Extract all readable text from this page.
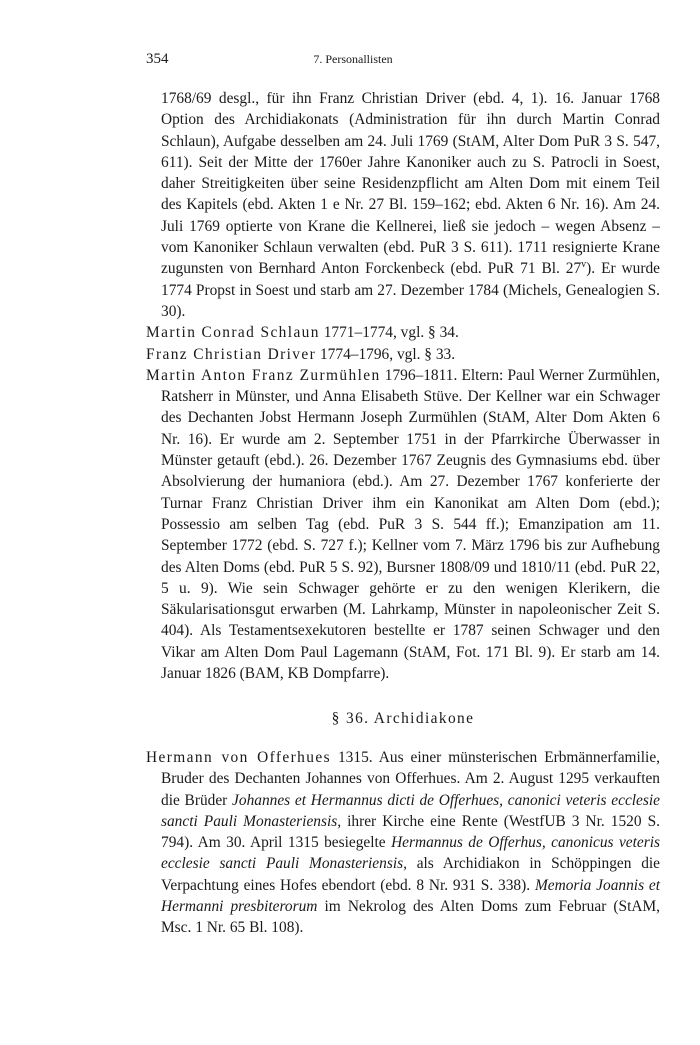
354	7. Personallisten

1768/69 desgl., für ihn Franz Christian Driver (ebd. 4, 1). 16. Januar 1768 Option des Archidiakonats (Administration für ihn durch Martin Conrad Schlaun), Aufgabe desselben am 24. Juli 1769 (StAM, Alter Dom PuR 3 S. 547, 611). Seit der Mitte der 1760er Jahre Kanoniker auch zu S. Patrocli in Soest, daher Streitigkeiten über seine Residenzpflicht am Alten Dom mit einem Teil des Kapitels (ebd. Akten 1 e Nr. 27 Bl. 159–162; ebd. Akten 6 Nr. 16). Am 24. Juli 1769 optierte von Krane die Kellnerei, ließ sie jedoch – wegen Absenz – vom Kanoniker Schlaun verwalten (ebd. PuR 3 S. 611). 1711 resignierte Krane zugunsten von Bernhard Anton Forckenbeck (ebd. PuR 71 Bl. 27$^v$). Er wurde 1774 Propst in Soest und starb am 27. Dezember 1784 (Michels, Genealogien S. 30).

Martin Conrad Schlaun 1771–1774, vgl. § 34.

Franz Christian Driver 1774–1796, vgl. § 33.

Martin Anton Franz Zurmühlen 1796–1811. Eltern: Paul Werner Zurmühlen, Ratsherr in Münster, und Anna Elisabeth Stüve. Der Kellner war ein Schwager des Dechanten Jobst Hermann Joseph Zurmühlen (StAM, Alter Dom Akten 6 Nr. 16). Er wurde am 2. September 1751 in der Pfarrkirche Überwasser in Münster getauft (ebd.). 26. Dezember 1767 Zeugnis des Gymnasiums ebd. über Absolvierung der humaniora (ebd.). Am 27. Dezember 1767 konferierte der Turnar Franz Christian Driver ihm ein Kanonikat am Alten Dom (ebd.); Possessio am selben Tag (ebd. PuR 3 S. 544 ff.); Emanzipation am 11. September 1772 (ebd. S. 727 f.); Kellner vom 7. März 1796 bis zur Aufhebung des Alten Doms (ebd. PuR 5 S. 92), Bursner 1808/09 und 1810/11 (ebd. PuR 22, 5 u. 9). Wie sein Schwager gehörte er zu den wenigen Klerikern, die Säkularisationsgut erwarben (M. Lahrkamp, Münster in napoleonischer Zeit S. 404). Als Testamentsexekutoren bestellte er 1787 seinen Schwager und den Vikar am Alten Dom Paul Lagemann (StAM, Fot. 171 Bl. 9). Er starb am 14. Januar 1826 (BAM, KB Dompfarre).

§ 36. Archidiakone

Hermann von Offerhues 1315. Aus einer münsterischen Erbmännerfamilie, Bruder des Dechanten Johannes von Offerhues. Am 2. August 1295 verkauften die Brüder Johannes et Hermannus dicti de Offerhues, canonici veteris ecclesie sancti Pauli Monasteriensis, ihrer Kirche eine Rente (WestfUB 3 Nr. 1520 S. 794). Am 30. April 1315 besiegelte Hermannus de Offerhus, canonicus veteris ecclesie sancti Pauli Monasteriensis, als Archidiakon in Schöppingen die Verpachtung eines Hofes ebendort (ebd. 8 Nr. 931 S. 338). Memoria Joannis et Hermanni presbiterorum im Nekrolog des Alten Doms zum Februar (StAM, Msc. 1 Nr. 65 Bl. 108).
